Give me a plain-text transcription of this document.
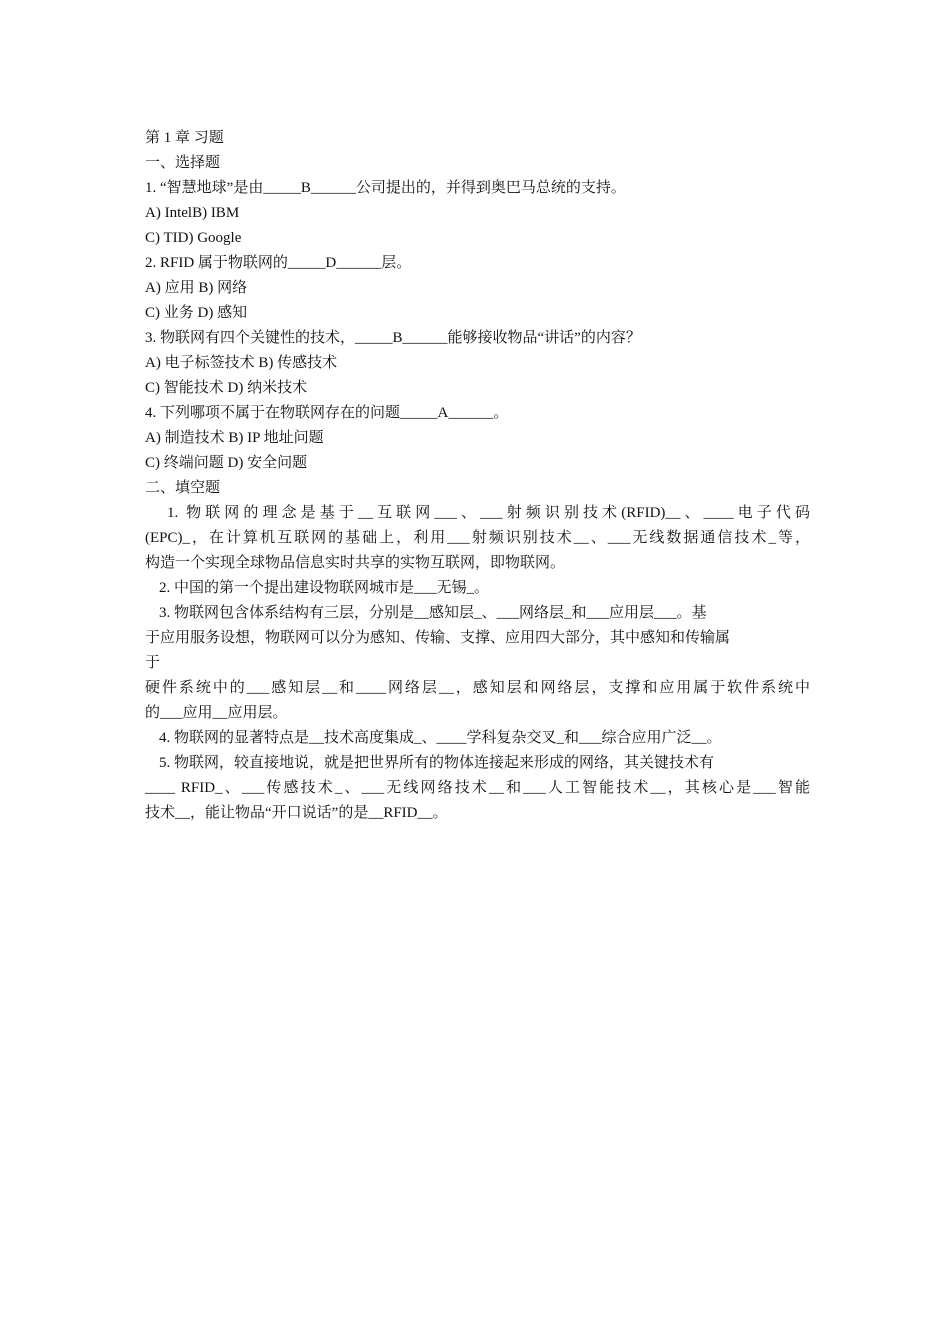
第 1 章 习题
一、选择题
1. “智慧地球”是由_____B______公司提出的，并得到奥巴马总统的支持。
A) IntelB) IBM
C) TID) Google
2. RFID 属于物联网的_____D______层。
A) 应用 B) 网络
C) 业务 D) 感知
3. 物联网有四个关键性的技术，_____B______能够接收物品“讲话”的内容？
A) 电子标签技术 B) 传感技术
C) 智能技术 D) 纳米技术
4. 下列哪项不属于在物联网存在的问题_____A______。
A) 制造技术 B) IP 地址问题
C) 终端问题 D) 安全问题
二、填空题
1. 物联网的理念是基于__互联网___、___射频识别技术(RFID)__、____电子代码
(EPC)_，在计算机互联网的基础上，利用___射频识别技术__、___无线数据通信技术_等，
构造一个实现全球物品信息实时共享的实物互联网，即物联网。
2. 中国的第一个提出建设物联网城市是___无锡_。
3. 物联网包含体系结构有三层，分别是__感知层_、___网络层_和___应用层___。基
于应用服务设想，物联网可以分为感知、传输、支撑、应用四大部分，其中感知和传输属
于
硬件系统中的___感知层__和____网络层__，感知层和网络层，支撑和应用属于软件系统中
的___应用__应用层。
4. 物联网的显著特点是__技术高度集成_、____学科复杂交叉_和___综合应用广泛__。
5. 物联网，较直接地说，就是把世界所有的物体连接起来形成的网络，其关键技术有
____ RFID_、___传感技术_、___无线网络技术__和___人工智能技术__，其核心是___智能
技术__，能让物品“开口说话”的是__RFID__。
